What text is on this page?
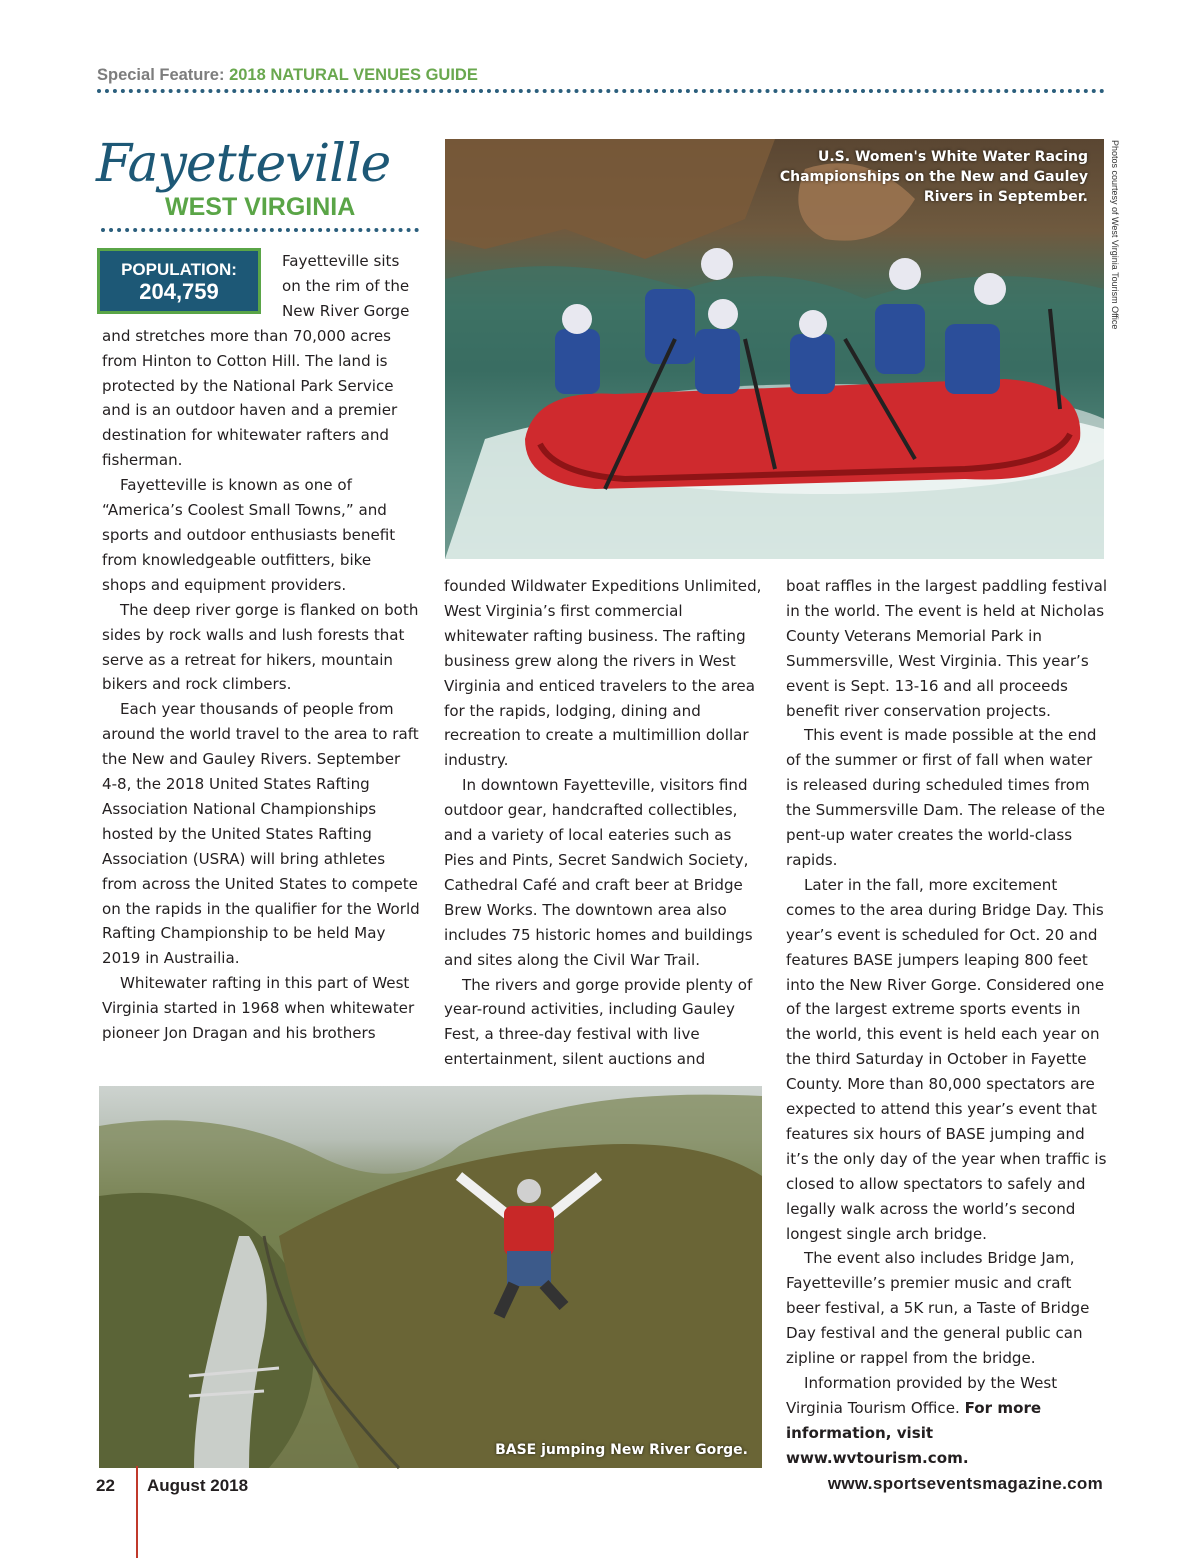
Special Feature: 2018 NATURAL VENUES GUIDE
Fayetteville
WEST VIRGINIA

Fayetteville sits on the rim of the New River Gorge and stretches more than 70,000 acres from Hinton to Cotton Hill. The land is protected by the National Park Service and is an outdoor haven and a premier destination for whitewater rafters and fisherman.

Fayetteville is known as one of “America’s Coolest Small Towns,” and sports and outdoor enthusiasts benefit from knowledgeable outfitters, bike shops and equipment providers.

The deep river gorge is flanked on both sides by rock walls and lush forests that serve as a retreat for hikers, mountain bikers and rock climbers.

Each year thousands of people from around the world travel to the area to raft the New and Gauley Rivers. September 4-8, the 2018 United States Rafting Association National Championships hosted by the United States Rafting Association (USRA) will bring athletes from across the United States to compete on the rapids in the qualifier for the World Rafting Championship to be held May 2019 in Austrailia.

Whitewater rafting in this part of West Virginia started in 1968 when whitewater pioneer Jon Dragan and his brothers

POPULATION:
204,759
U.S. Women's White Water Racing Championships on the New and Gauley Rivers in September.	Photos courtesy of West Virginia Tourism Office

founded Wildwater Expeditions Unlimited, West Virginia’s first commercial whitewater rafting business. The rafting business grew along the rivers in West Virginia and enticed travelers to the area for the rapids, lodging, dining and recreation to create a multimillion dollar industry.

In downtown Fayetteville, visitors find outdoor gear, handcrafted collectibles, and a variety of local eateries such as Pies and Pints, Secret Sandwich Society, Cathedral Café and craft beer at Bridge Brew Works. The downtown area also includes 75 historic homes and buildings and sites along the Civil War Trail.

The rivers and gorge provide plenty of year-round activities, including Gauley Fest, a three-day festival with live entertainment, silent auctions and

boat raffles in the largest paddling festival in the world. The event is held at Nicholas County Veterans Memorial Park in Summersville, West Virginia. This year’s event is Sept. 13-16 and all proceeds benefit river conservation projects.

This event is made possible at the end of the summer or first of fall when water is released during scheduled times from the Summersville Dam. The release of the pent-up water creates the world-class rapids.

Later in the fall, more excitement comes to the area during Bridge Day. This year’s event is scheduled for Oct. 20 and features BASE jumpers leaping 800 feet into the New River Gorge. Considered one of the largest extreme sports events in the world, this event is held each year on the third Saturday in October in Fayette County. More than 80,000 spectators are expected to attend this year’s event that features six hours of BASE jumping and it’s the only day of the year when traffic is closed to allow spectators to safely and legally walk across the world’s second longest single arch bridge.

The event also includes Bridge Jam, Fayetteville’s premier music and craft beer festival, a 5K run, a Taste of Bridge Day festival and the general public can zipline or rappel from the bridge.

Information provided by the West Virginia Tourism Office. For more information, visit www.wvtourism.com.

BASE jumping New River Gorge.
22 August 2018	www.sportseventsmagazine.com
